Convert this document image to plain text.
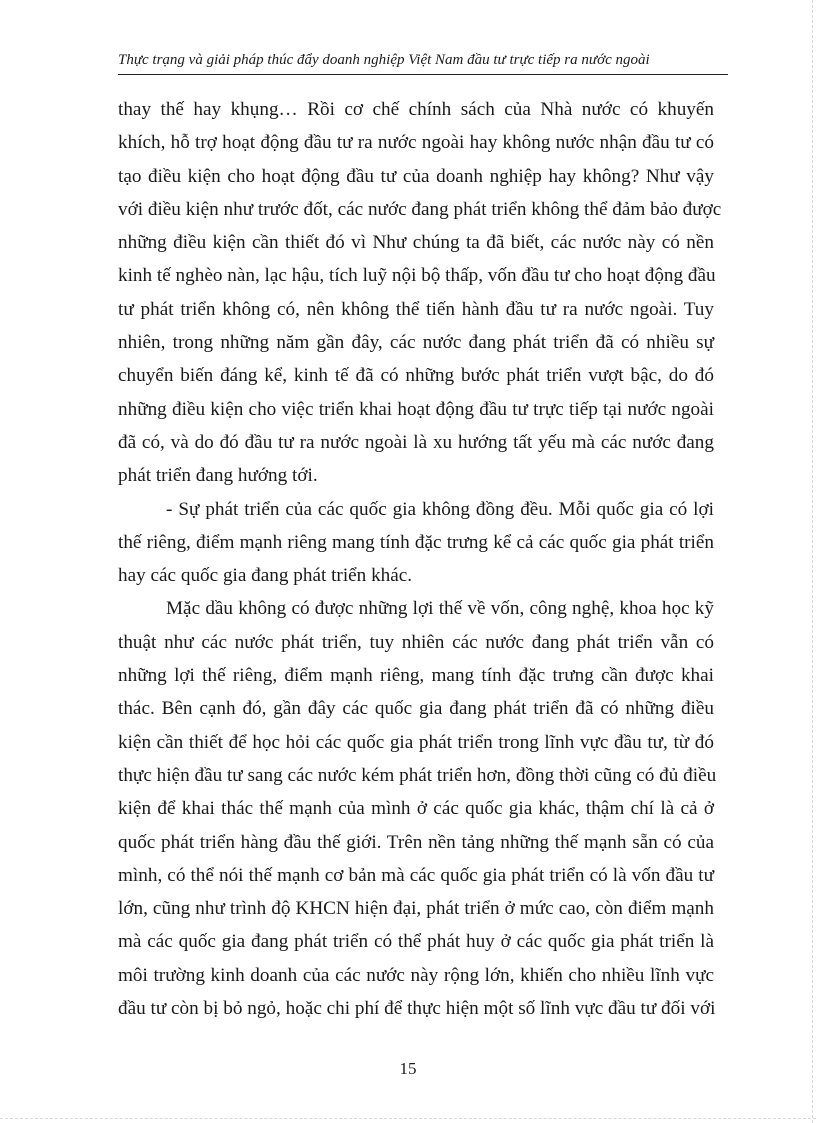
Thực trạng và giải pháp thúc đẩy doanh nghiệp Việt Nam đầu tư trực tiếp ra nước ngoài
thay thế hay khụng… Rồi cơ chế chính sách của Nhà nước có khuyến
khích, hỗ trợ hoạt động đầu tư ra nước ngoài hay không nước nhận đầu tư có
tạo điều kiện cho hoạt động đầu tư của doanh nghiệp hay không? Như vậy
với điều kiện như trước đốt, các nước đang phát triển không thể đảm bảo được
những điều kiện cần thiết đó vì Như chúng ta đã biết, các nước này có nền
kinh tế nghèo nàn, lạc hậu, tích luỹ nội bộ thấp, vốn đầu tư cho hoạt động đầu
tư phát triển không có, nên không thể tiến hành đầu tư ra nước ngoài. Tuy
nhiên, trong những năm gần đây, các nước đang phát triển đã có nhiều sự
chuyển biến đáng kể, kinh tế đã có những bước phát triển vượt bậc, do đó
những điều kiện cho việc triển khai hoạt động đầu tư trực tiếp tại nước ngoài
đã có, và do đó đầu tư ra nước ngoài là xu hướng tất yếu mà các nước đang
phát triển đang hướng tới.
- Sự phát triển của các quốc gia không đồng đều. Mỗi quốc gia có lợi
thế riêng, điểm mạnh riêng mang tính đặc trưng kể cả các quốc gia phát triển
hay các quốc gia đang phát triển khác.
Mặc dầu không có được những lợi thế về vốn, công nghệ, khoa học kỹ
thuật như các nước phát triển, tuy nhiên các nước đang phát triển vẫn có
những lợi thế riêng, điểm mạnh riêng, mang tính đặc trưng cần được khai
thác. Bên cạnh đó, gần đây các quốc gia đang phát triển đã có những điều
kiện cần thiết để học hỏi các quốc gia phát triển trong lĩnh vực đầu tư, từ đó
thực hiện đầu tư sang các nước kém phát triển hơn, đồng thời cũng có đủ điều
kiện để khai thác thế mạnh của mình ở các quốc gia khác, thậm chí là cả ở
quốc phát triển hàng đầu thế giới. Trên nền tảng những thế mạnh sẵn có của
mình, có thể nói thế mạnh cơ bản mà các quốc gia phát triển có là vốn đầu tư
lớn, cũng như trình độ KHCN hiện đại, phát triển ở mức cao, còn điểm mạnh
mà các quốc gia đang phát triển có thể phát huy ở các quốc gia phát triển là
môi trường kinh doanh của các nước này rộng lớn, khiến cho nhiều lĩnh vực
đầu tư còn bị bỏ ngỏ, hoặc chi phí để thực hiện một số lĩnh vực đầu tư đối với
15
